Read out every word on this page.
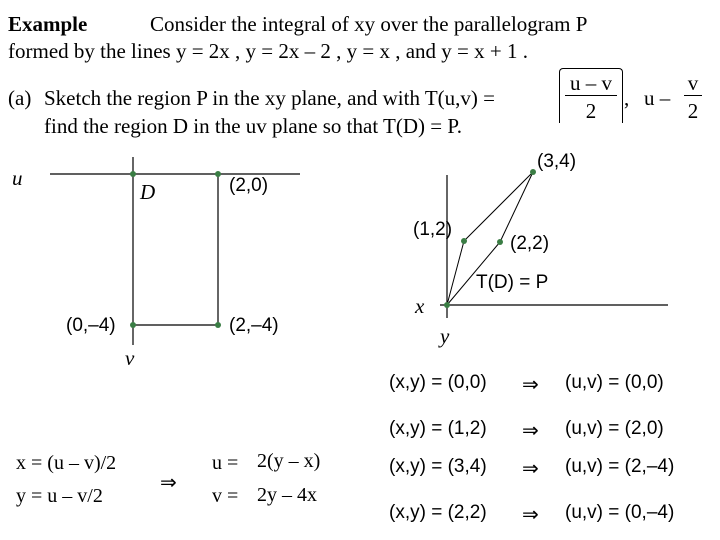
Example	Consider the integral of xy over the parallelogram P
formed by the lines y = 2x , y = 2x – 2 , y = x , and y = x + 1 .
(a) Sketch the region P in the xy plane, and with T(u,v) =
u – v
2
, u –
v
2
find the region D in the uv plane so that T(D) = P.
u
v
D	(2,0)
(0,–4)	(2,–4)
(3,4)
(1,2)
(2,2)
T(D) = P
x
y
(x,y) = (0,0) ⇒ (u,v) = (0,0)
(x,y) = (1,2) ⇒ (u,v) = (2,0)
(x,y) = (3,4) ⇒ (u,v) = (2,–4)
(x,y) = (2,2) ⇒ (u,v) = (0,–4)
x = (u – v)/2
y = u – v/2
⇒
u = 2(y – x)
v = 2y – 4x
